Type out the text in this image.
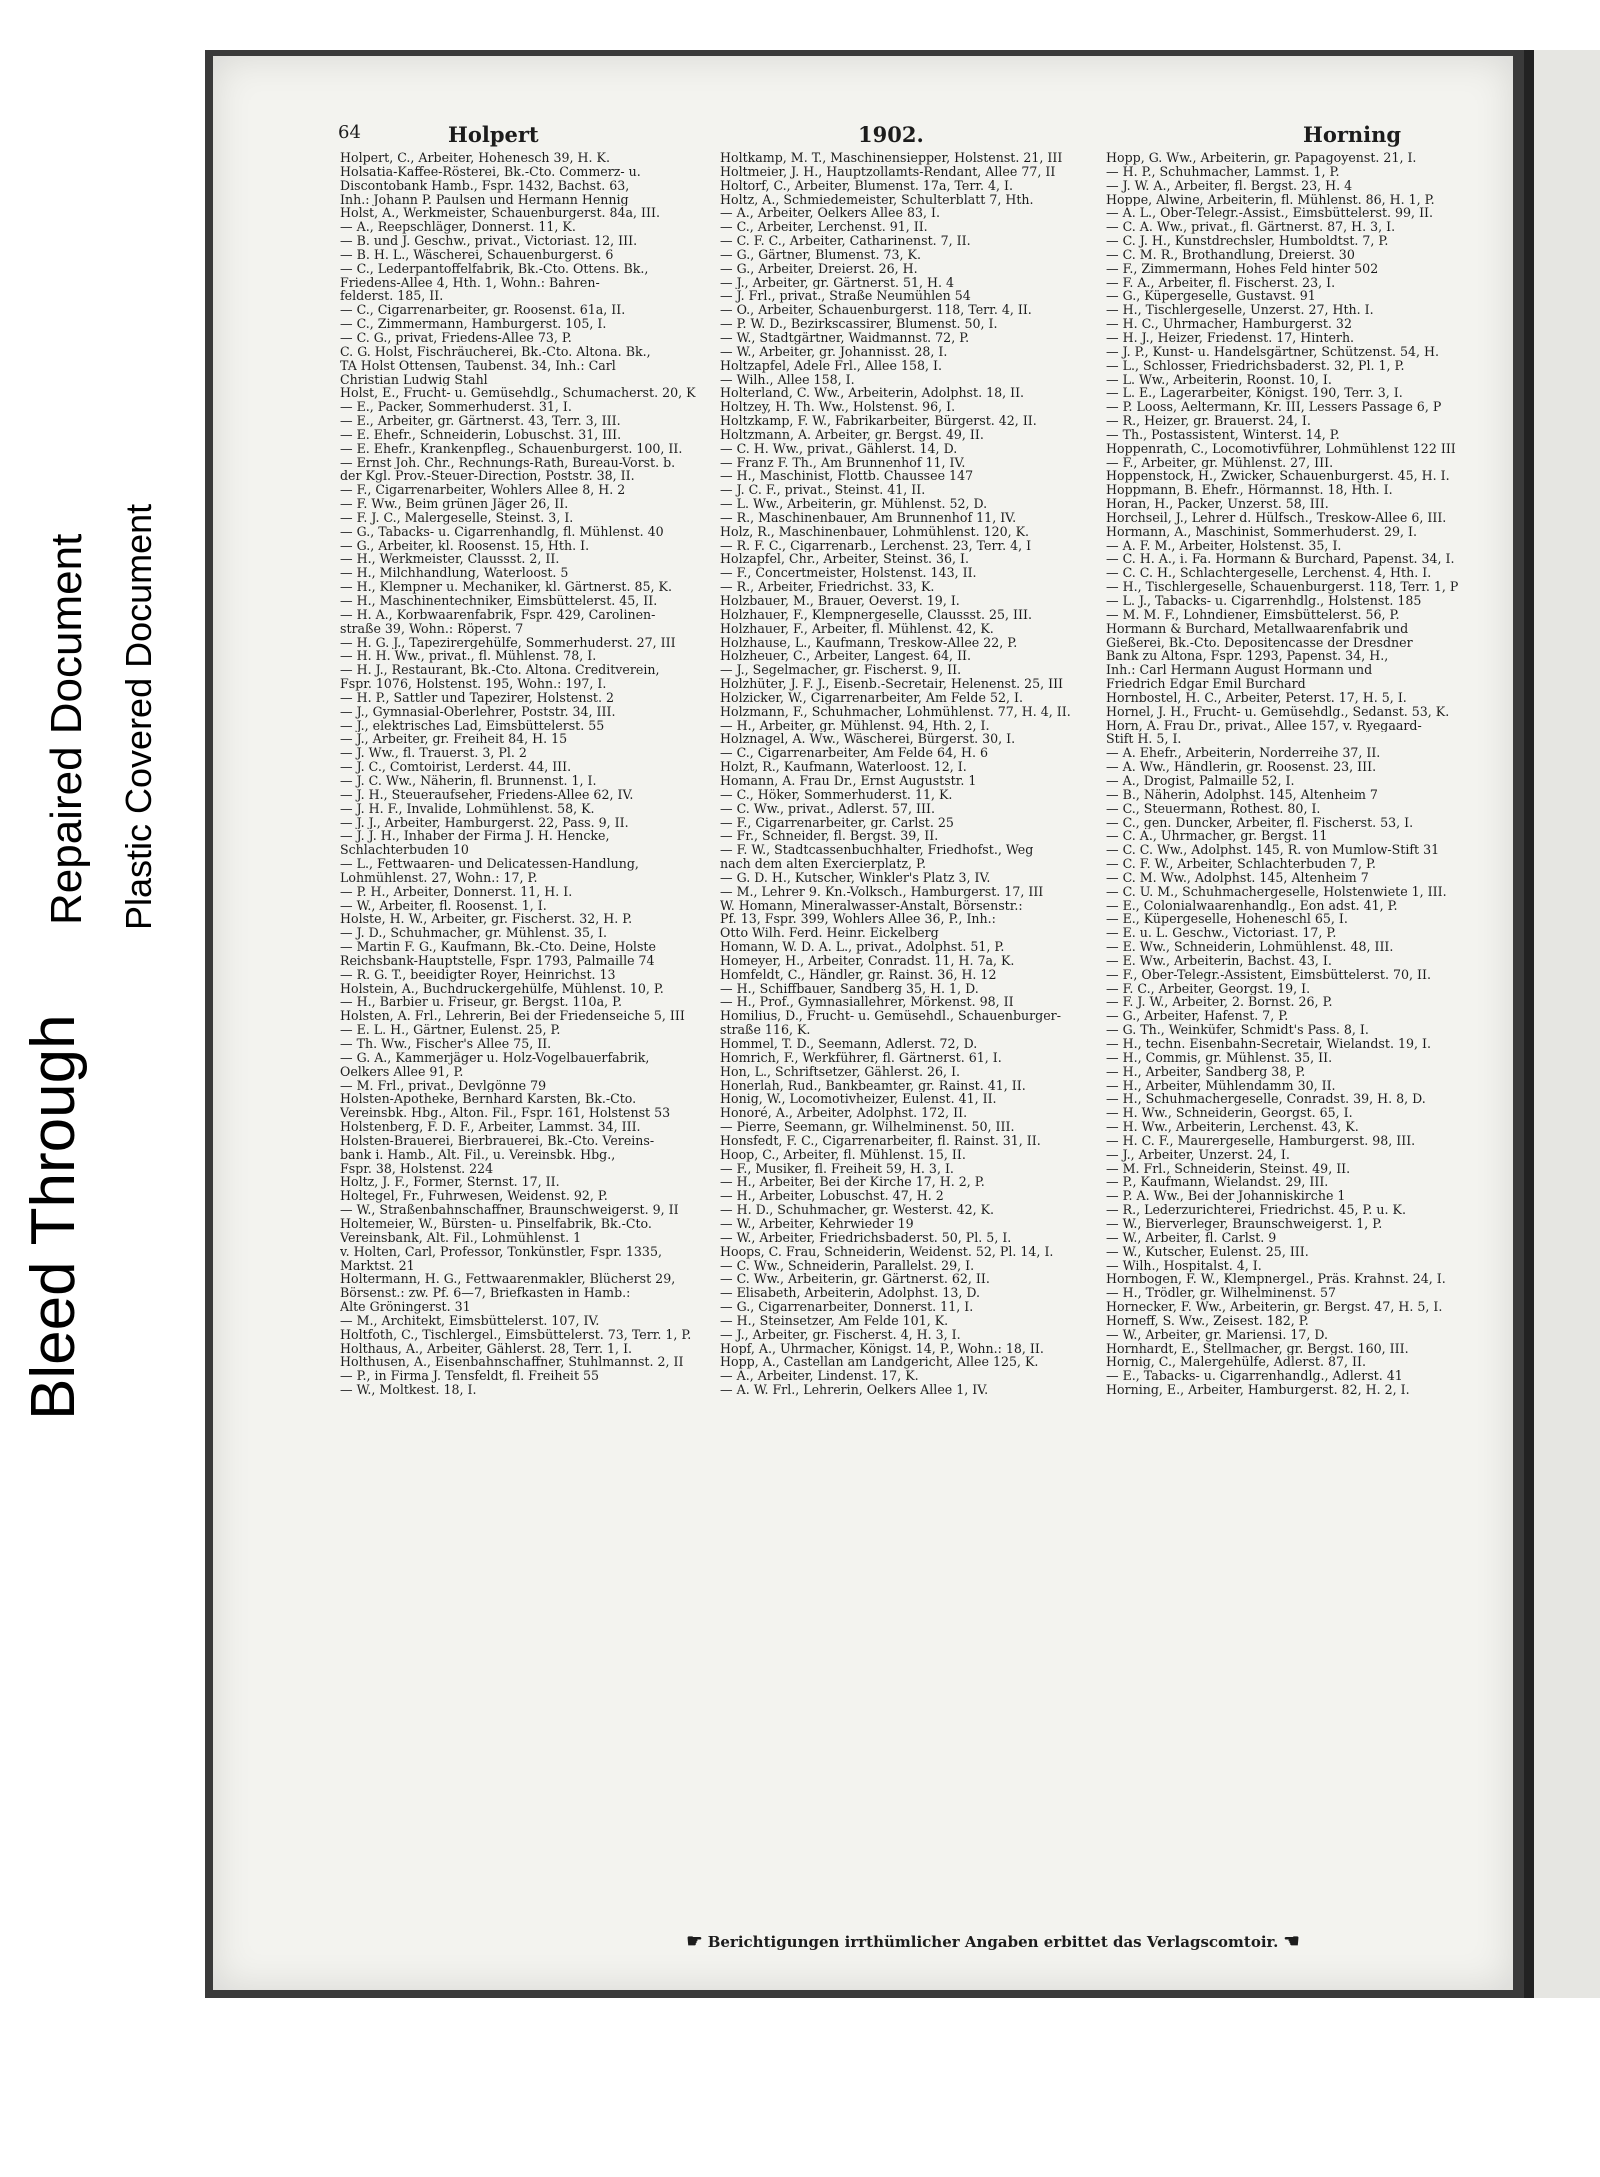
Bleed Through
Repaired Document Plastic Covered Document
64	Holpert	1902.	Horning
Holpert, C., Arbeiter, Hohenesch 39, H. K.
Holsatia-Kaffee-Rösterei, Bk.-Cto. Commerz- u.
Discontobank Hamb., Fspr. 1432, Bachst. 63,
Inh.: Johann P. Paulsen und Hermann Hennig
Holst, A., Werkmeister, Schauenburgerst. 84a, III.
— A., Reepschläger, Donnerst. 11, K.
— B. und J. Geschw., privat., Victoriast. 12, III.
— B. H. L., Wäscherei, Schauenburgerst. 6
— C., Lederpantoffelfabrik, Bk.-Cto. Ottens. Bk.,
Friedens-Allee 4, Hth. 1, Wohn.: Bahren-
felderst. 185, II.
— C., Cigarrenarbeiter, gr. Roosenst. 61a, II.
— C., Zimmermann, Hamburgerst. 105, I.
— C. G., privat, Friedens-Allee 73, P.
C. G. Holst, Fischräucherei, Bk.-Cto. Altona. Bk.,
TA Holst Ottensen, Taubenst. 34, Inh.: Carl
Christian Ludwig Stahl
Holst, E., Frucht- u. Gemüsehdlg., Schumacherst. 20, K
— E., Packer, Sommerhuderst. 31, I.
— E., Arbeiter, gr. Gärtnerst. 43, Terr. 3, III.
— E. Ehefr., Schneiderin, Lobuschst. 31, III.
— E. Ehefr., Krankenpfleg., Schauenburgerst. 100, II.
— Ernst Joh. Chr., Rechnungs-Rath, Bureau-Vorst. b.
der Kgl. Prov.-Steuer-Direction, Poststr. 38, II.
— F., Cigarrenarbeiter, Wohlers Allee 8, H. 2
— F. Ww., Beim grünen Jäger 26, II.
— F. J. C., Malergeselle, Steinst. 3, I.
— G., Tabacks- u. Cigarrenhandlg, fl. Mühlenst. 40
— G., Arbeiter, kl. Roosenst. 15, Hth. I.
— H., Werkmeister, Claussst. 2, II.
— H., Milchhandlung, Waterloost. 5
— H., Klempner u. Mechaniker, kl. Gärtnerst. 85, K.
— H., Maschinentechniker, Eimsbüttelerst. 45, II.
— H. A., Korbwaarenfabrik, Fspr. 429, Carolinen-
straße 39, Wohn.: Röperst. 7
— H. G. J., Tapezirergehülfe, Sommerhuderst. 27, III
— H. H. Ww., privat., fl. Mühlenst. 78, I.
— H. J., Restaurant, Bk.-Cto. Altona. Creditverein,
Fspr. 1076, Holstenst. 195, Wohn.: 197, I.
— H. P., Sattler und Tapezirer, Holstenst. 2
— J., Gymnasial-Oberlehrer, Poststr. 34, III.
— J., elektrisches Lad, Eimsbüttelerst. 55
— J., Arbeiter, gr. Freiheit 84, H. 15
— J. Ww., fl. Trauerst. 3, Pl. 2
— J. C., Comtoirist, Lerderst. 44, III.
— J. C. Ww., Näherin, fl. Brunnenst. 1, I.
— J. H., Steueraufseher, Friedens-Allee 62, IV.
— J. H. F., Invalide, Lohmühlenst. 58, K.
— J. J., Arbeiter, Hamburgerst. 22, Pass. 9, II.
— J. J. H., Inhaber der Firma J. H. Hencke,
Schlachterbuden 10
— L., Fettwaaren- und Delicatessen-Handlung,
Lohmühlenst. 27, Wohn.: 17, P.
— P. H., Arbeiter, Donnerst. 11, H. I.
— W., Arbeiter, fl. Roosenst. 1, I.
Holste, H. W., Arbeiter, gr. Fischerst. 32, H. P.
— J. D., Schuhmacher, gr. Mühlenst. 35, I.
— Martin F. G., Kaufmann, Bk.-Cto. Deine, Holste
Reichsbank-Hauptstelle, Fspr. 1793, Palmaille 74
— R. G. T., beeidigter Royer, Heinrichst. 13
Holstein, A., Buchdruckergehülfe, Mühlenst. 10, P.
— H., Barbier u. Friseur, gr. Bergst. 110a, P.
Holsten, A. Frl., Lehrerin, Bei der Friedenseiche 5, III
— E. L. H., Gärtner, Eulenst. 25, P.
— Th. Ww., Fischer's Allee 75, II.
— G. A., Kammerjäger u. Holz-Vogelbauerfabrik,
Oelkers Allee 91, P.
— M. Frl., privat., Devlgönne 79
Holsten-Apotheke, Bernhard Karsten, Bk.-Cto.
Vereinsbk. Hbg., Alton. Fil., Fspr. 161, Holstenst 53
Holstenberg, F. D. F., Arbeiter, Lammst. 34, III.
Holsten-Brauerei, Bierbrauerei, Bk.-Cto. Vereins-
bank i. Hamb., Alt. Fil., u. Vereinsbk. Hbg.,
Fspr. 38, Holstenst. 224
Holtz, J. F., Former, Sternst. 17, II.
Holtegel, Fr., Fuhrwesen, Weidenst. 92, P.
— W., Straßenbahnschaffner, Braunschweigerst. 9, II
Holtemeier, W., Bürsten- u. Pinselfabrik, Bk.-Cto.
Vereinsbank, Alt. Fil., Lohmühlenst. 1
v. Holten, Carl, Professor, Tonkünstler, Fspr. 1335,
Marktst. 21
Holtermann, H. G., Fettwaarenmakler, Blücherst 29,
Börsenst.: zw. Pf. 6—7, Briefkasten in Hamb.:
Alte Gröningerst. 31
— M., Architekt, Eimsbüttelerst. 107, IV.
Holtfoth, C., Tischlergel., Eimsbüttelerst. 73, Terr. 1, P.
Holthaus, A., Arbeiter, Gählerst. 28, Terr. 1, I.
Holthusen, A., Eisenbahnschaffner, Stuhlmannst. 2, II
— P., in Firma J. Tensfeldt, fl. Freiheit 55
— W., Moltkest. 18, I.
Holtkamp, M. T., Maschinensiepper, Holstenst. 21, III
Holtmeier, J. H., Hauptzollamts-Rendant, Allee 77, II
Holtorf, C., Arbeiter, Blumenst. 17a, Terr. 4, I.
Holtz, A., Schmiedemeister, Schulterblatt 7, Hth.
— A., Arbeiter, Oelkers Allee 83, I.
— C., Arbeiter, Lerchenst. 91, II.
— C. F. C., Arbeiter, Catharinenst. 7, II.
— G., Gärtner, Blumenst. 73, K.
— G., Arbeiter, Dreierst. 26, H.
— J., Arbeiter, gr. Gärtnerst. 51, H. 4
— J. Frl., privat., Straße Neumühlen 54
— O., Arbeiter, Schauenburgerst. 118, Terr. 4, II.
— P. W. D., Bezirkscassirer, Blumenst. 50, I.
— W., Stadtgärtner, Waidmannst. 72, P.
— W., Arbeiter, gr. Johannisst. 28, I.
Holtzapfel, Adele Frl., Allee 158, I.
— Wilh., Allee 158, I.
Holterland, C. Ww., Arbeiterin, Adolphst. 18, II.
Holtzey, H. Th. Ww., Holstenst. 96, I.
Holtzkamp, F. W., Fabrikarbeiter, Bürgerst. 42, II.
Holtzmann, A. Arbeiter, gr. Bergst. 49, II.
— C. H. Ww., privat., Gählerst. 14, D.
— Franz F. Th., Am Brunnenhof 11, IV.
— H., Maschinist, Flottb. Chaussee 147
— J. C. F., privat., Steinst. 41, II.
— L. Ww., Arbeiterin, gr. Mühlenst. 52, D.
— R., Maschinenbauer, Am Brunnenhof 11, IV.
Holz, R., Maschinenbauer, Lohmühlenst. 120, K.
— R. F. C., Cigarrenarb., Lerchenst. 23, Terr. 4, I
Holzapfel, Chr., Arbeiter, Steinst. 36, I.
— F., Concertmeister, Holstenst. 143, II.
— R., Arbeiter, Friedrichst. 33, K.
Holzbauer, M., Brauer, Oeverst. 19, I.
Holzhauer, F., Klempnergeselle, Claussst. 25, III.
Holzhauer, F., Arbeiter, fl. Mühlenst. 42, K.
Holzhause, L., Kaufmann, Treskow-Allee 22, P.
Holzheuer, C., Arbeiter, Langest. 64, II.
— J., Segelmacher, gr. Fischerst. 9, II.
Holzhüter, J. F. J., Eisenb.-Secretair, Helenenst. 25, III
Holzicker, W., Cigarrenarbeiter, Am Felde 52, I.
Holzmann, F., Schuhmacher, Lohmühlenst. 77, H. 4, II.
— H., Arbeiter, gr. Mühlenst. 94, Hth. 2, I.
Holznagel, A. Ww., Wäscherei, Bürgerst. 30, I.
— C., Cigarrenarbeiter, Am Felde 64, H. 6
Holzt, R., Kaufmann, Waterloost. 12, I.
Homann, A. Frau Dr., Ernst Auguststr. 1
— C., Höker, Sommerhuderst. 11, K.
— C. Ww., privat., Adlerst. 57, III.
— F., Cigarrenarbeiter, gr. Carlst. 25
— Fr., Schneider, fl. Bergst. 39, II.
— F. W., Stadtcassenbuchhalter, Friedhofst., Weg
nach dem alten Exercierplatz, P.
— G. D. H., Kutscher, Winkler's Platz 3, IV.
— M., Lehrer 9. Kn.-Volksch., Hamburgerst. 17, III
W. Homann, Mineralwasser-Anstalt, Börsenstr.:
Pf. 13, Fspr. 399, Wohlers Allee 36, P., Inh.:
Otto Wilh. Ferd. Heinr. Eickelberg
Homann, W. D. A. L., privat., Adolphst. 51, P.
Homeyer, H., Arbeiter, Conradst. 11, H. 7a, K.
Homfeldt, C., Händler, gr. Rainst. 36, H. 12
— H., Schiffbauer, Sandberg 35, H. 1, D.
— H., Prof., Gymnasiallehrer, Mörkenst. 98, II
Homilius, D., Frucht- u. Gemüsehdl., Schauenburger-
straße 116, K.
Hommel, T. D., Seemann, Adlerst. 72, D.
Homrich, F., Werkführer, fl. Gärtnerst. 61, I.
Hon, L., Schriftsetzer, Gählerst. 26, I.
Honerlah, Rud., Bankbeamter, gr. Rainst. 41, II.
Honig, W., Locomotivheizer, Eulenst. 41, II.
Honoré, A., Arbeiter, Adolphst. 172, II.
— Pierre, Seemann, gr. Wilhelminenst. 50, III.
Honsfedt, F. C., Cigarrenarbeiter, fl. Rainst. 31, II.
Hoop, C., Arbeiter, fl. Mühlenst. 15, II.
— F., Musiker, fl. Freiheit 59, H. 3, I.
— H., Arbeiter, Bei der Kirche 17, H. 2, P.
— H., Arbeiter, Lobuschst. 47, H. 2
— H. D., Schuhmacher, gr. Westerst. 42, K.
— W., Arbeiter, Kehrwieder 19
— W., Arbeiter, Friedrichsbaderst. 50, Pl. 5, I.
Hoops, C. Frau, Schneiderin, Weidenst. 52, Pl. 14, I.
— C. Ww., Schneiderin, Parallelst. 29, I.
— C. Ww., Arbeiterin, gr. Gärtnerst. 62, II.
— Elisabeth, Arbeiterin, Adolphst. 13, D.
— G., Cigarrenarbeiter, Donnerst. 11, I.
— H., Steinsetzer, Am Felde 101, K.
— J., Arbeiter, gr. Fischerst. 4, H. 3, I.
Hopf, A., Uhrmacher, Königst. 14, P., Wohn.: 18, II.
Hopp, A., Castellan am Landgericht, Allee 125, K.
— A., Arbeiter, Lindenst. 17, K.
— A. W. Frl., Lehrerin, Oelkers Allee 1, IV.
Hopp, G. Ww., Arbeiterin, gr. Papagoyenst. 21, I.
— H. P., Schuhmacher, Lammst. 1, P.
— J. W. A., Arbeiter, fl. Bergst. 23, H. 4
Hoppe, Alwine, Arbeiterin, fl. Mühlenst. 86, H. 1, P.
— A. L., Ober-Telegr.-Assist., Eimsbüttelerst. 99, II.
— C. A. Ww., privat., fl. Gärtnerst. 87, H. 3, I.
— C. J. H., Kunstdrechsler, Humboldtst. 7, P.
— C. M. R., Brothandlung, Dreierst. 30
— F., Zimmermann, Hohes Feld hinter 502
— F. A., Arbeiter, fl. Fischerst. 23, I.
— G., Küpergeselle, Gustavst. 91
— H., Tischlergeselle, Unzerst. 27, Hth. I.
— H. C., Uhrmacher, Hamburgerst. 32
— H. J., Heizer, Friedenst. 17, Hinterh.
— J. P., Kunst- u. Handelsgärtner, Schützenst. 54, H.
— L., Schlosser, Friedrichsbaderst. 32, Pl. 1, P.
— L. Ww., Arbeiterin, Roonst. 10, I.
— L. E., Lagerarbeiter, Königst. 190, Terr. 3, I.
— P. Looss, Aeltermann, Kr. III, Lessers Passage 6, P
— R., Heizer, gr. Brauerst. 24, I.
— Th., Postassistent, Winterst. 14, P.
Hoppenrath, C., Locomotivführer, Lohmühlenst 122 III
— F., Arbeiter, gr. Mühlenst. 27, III.
Hoppenstock, H., Zwicker, Schauenburgerst. 45, H. I.
Hoppmann, B. Ehefr., Hörmannst. 18, Hth. I.
Horan, H., Packer, Unzerst. 58, III.
Horchseil, J., Lehrer d. Hülfsch., Treskow-Allee 6, III.
Hormann, A., Maschinist, Sommerhuderst. 29, I.
— A. F. M., Arbeiter, Holstenst. 35, I.
— C. H. A., i. Fa. Hormann & Burchard, Papenst. 34, I.
— C. C. H., Schlachtergeselle, Lerchenst. 4, Hth. I.
— H., Tischlergeselle, Schauenburgerst. 118, Terr. 1, P
— L. J., Tabacks- u. Cigarrenhdlg., Holstenst. 185
— M. M. F., Lohndiener, Eimsbüttelerst. 56, P.
Hormann & Burchard, Metallwaarenfabrik und
Gießerei, Bk.-Cto. Depositencasse der Dresdner
Bank zu Altona, Fspr. 1293, Papenst. 34, H.,
Inh.: Carl Hermann August Hormann und
Friedrich Edgar Emil Burchard
Hornbostel, H. C., Arbeiter, Peterst. 17, H. 5, I.
Hornel, J. H., Frucht- u. Gemüsehdlg., Sedanst. 53, K.
Horn, A. Frau Dr., privat., Allee 157, v. Ryegaard-
Stift H. 5, I.
— A. Ehefr., Arbeiterin, Norderreihe 37, II.
— A. Ww., Händlerin, gr. Roosenst. 23, III.
— A., Drogist, Palmaille 52, I.
— B., Näherin, Adolphst. 145, Altenheim 7
— C., Steuermann, Rothest. 80, I.
— C., gen. Duncker, Arbeiter, fl. Fischerst. 53, I.
— C. A., Uhrmacher, gr. Bergst. 11
— C. C. Ww., Adolphst. 145, R. von Mumlow-Stift 31
— C. F. W., Arbeiter, Schlachterbuden 7, P.
— C. M. Ww., Adolphst. 145, Altenheim 7
— C. U. M., Schuhmachergeselle, Holstenwiete 1, III.
— E., Colonialwaarenhandlg., Eon adst. 41, P.
— E., Küpergeselle, Hoheneschl 65, I.
— E. u. L. Geschw., Victoriast. 17, P.
— E. Ww., Schneiderin, Lohmühlenst. 48, III.
— E. Ww., Arbeiterin, Bachst. 43, I.
— F., Ober-Telegr.-Assistent, Eimsbüttelerst. 70, II.
— F. C., Arbeiter, Georgst. 19, I.
— F. J. W., Arbeiter, 2. Bornst. 26, P.
— G., Arbeiter, Hafenst. 7, P.
— G. Th., Weinküfer, Schmidt's Pass. 8, I.
— H., techn. Eisenbahn-Secretair, Wielandst. 19, I.
— H., Commis, gr. Mühlenst. 35, II.
— H., Arbeiter, Sandberg 38, P.
— H., Arbeiter, Mühlendamm 30, II.
— H., Schuhmachergeselle, Conradst. 39, H. 8, D.
— H. Ww., Schneiderin, Georgst. 65, I.
— H. Ww., Arbeiterin, Lerchenst. 43, K.
— H. C. F., Maurergeselle, Hamburgerst. 98, III.
— J., Arbeiter, Unzerst. 24, I.
— M. Frl., Schneiderin, Steinst. 49, II.
— P., Kaufmann, Wielandst. 29, III.
— P. A. Ww., Bei der Johanniskirche 1
— R., Lederzurichterei, Friedrichst. 45, P. u. K.
— W., Bierverleger, Braunschweigerst. 1, P.
— W., Arbeiter, fl. Carlst. 9
— W., Kutscher, Eulenst. 25, III.
— Wilh., Hospitalst. 4, I.
Hornbogen, F. W., Klempnergel., Präs. Krahnst. 24, I.
— H., Trödler, gr. Wilhelminenst. 57
Hornecker, F. Ww., Arbeiterin, gr. Bergst. 47, H. 5, I.
Horneff, S. Ww., Zeisest. 182, P.
— W., Arbeiter, gr. Mariensi. 17, D.
Hornhardt, E., Stellmacher, gr. Bergst. 160, III.
Hornig, C., Malergehülfe, Adlerst. 87, II.
— E., Tabacks- u. Cigarrenhandlg., Adlerst. 41
Horning, E., Arbeiter, Hamburgerst. 82, H. 2, I.
☛ Berichtigungen irrthümlicher Angaben erbittet das Verlagscomtoir. ☚
